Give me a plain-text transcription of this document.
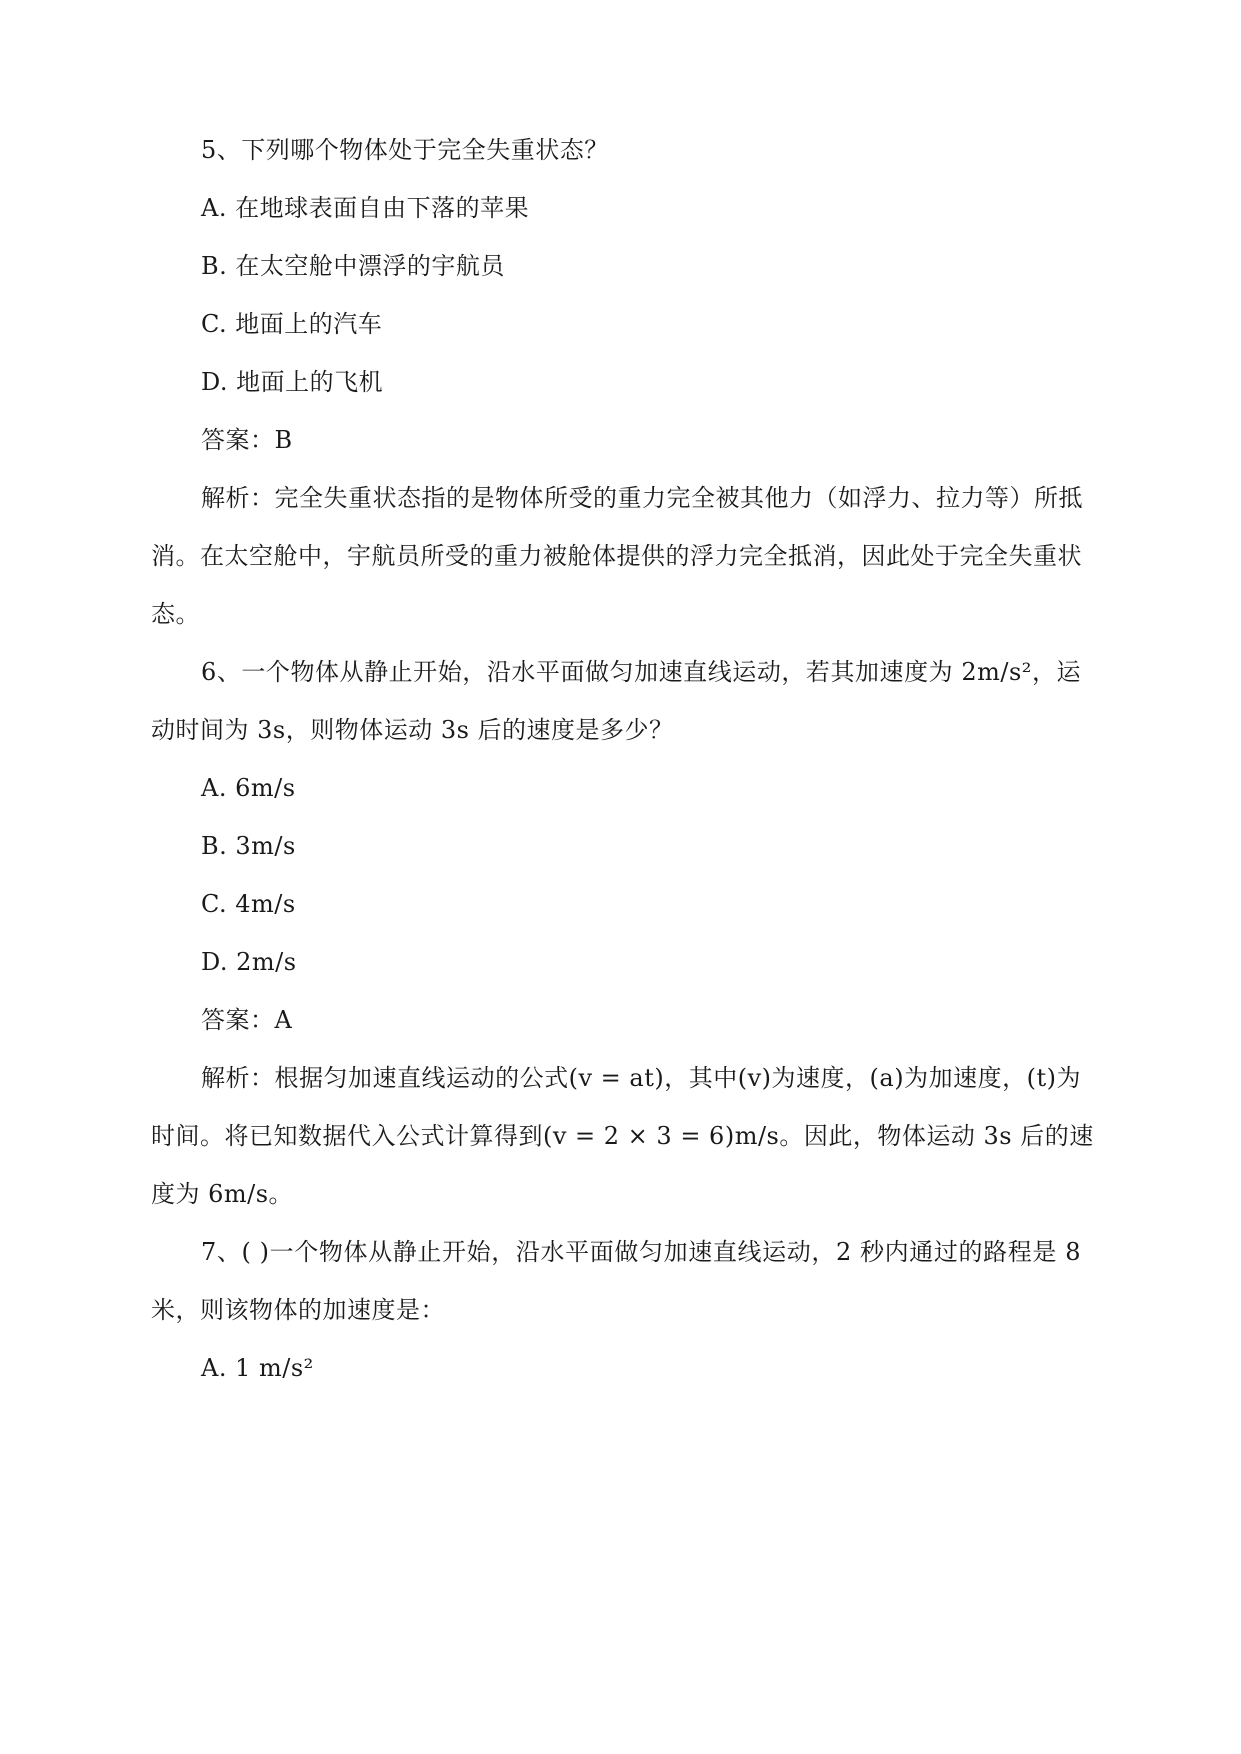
5、下列哪个物体处于完全失重状态？
A. 在地球表面自由下落的苹果
B. 在太空舱中漂浮的宇航员
C. 地面上的汽车
D. 地面上的飞机
答案：B
解析：完全失重状态指的是物体所受的重力完全被其他力（如浮力、拉力等）所抵
消。在太空舱中，宇航员所受的重力被舱体提供的浮力完全抵消，因此处于完全失重状
态。
6、一个物体从静止开始，沿水平面做匀加速直线运动，若其加速度为 2m/s²，运
动时间为 3s，则物体运动 3s 后的速度是多少？
A. 6m/s
B. 3m/s
C. 4m/s
D. 2m/s
答案：A
解析：根据匀加速直线运动的公式(v = at)，其中(v)为速度，(a)为加速度，(t)为
时间。将已知数据代入公式计算得到(v = 2 × 3 = 6)m/s。因此，物体运动 3s 后的速
度为 6m/s。
7、( )一个物体从静止开始，沿水平面做匀加速直线运动，2 秒内通过的路程是 8
米，则该物体的加速度是：
A. 1 m/s²
